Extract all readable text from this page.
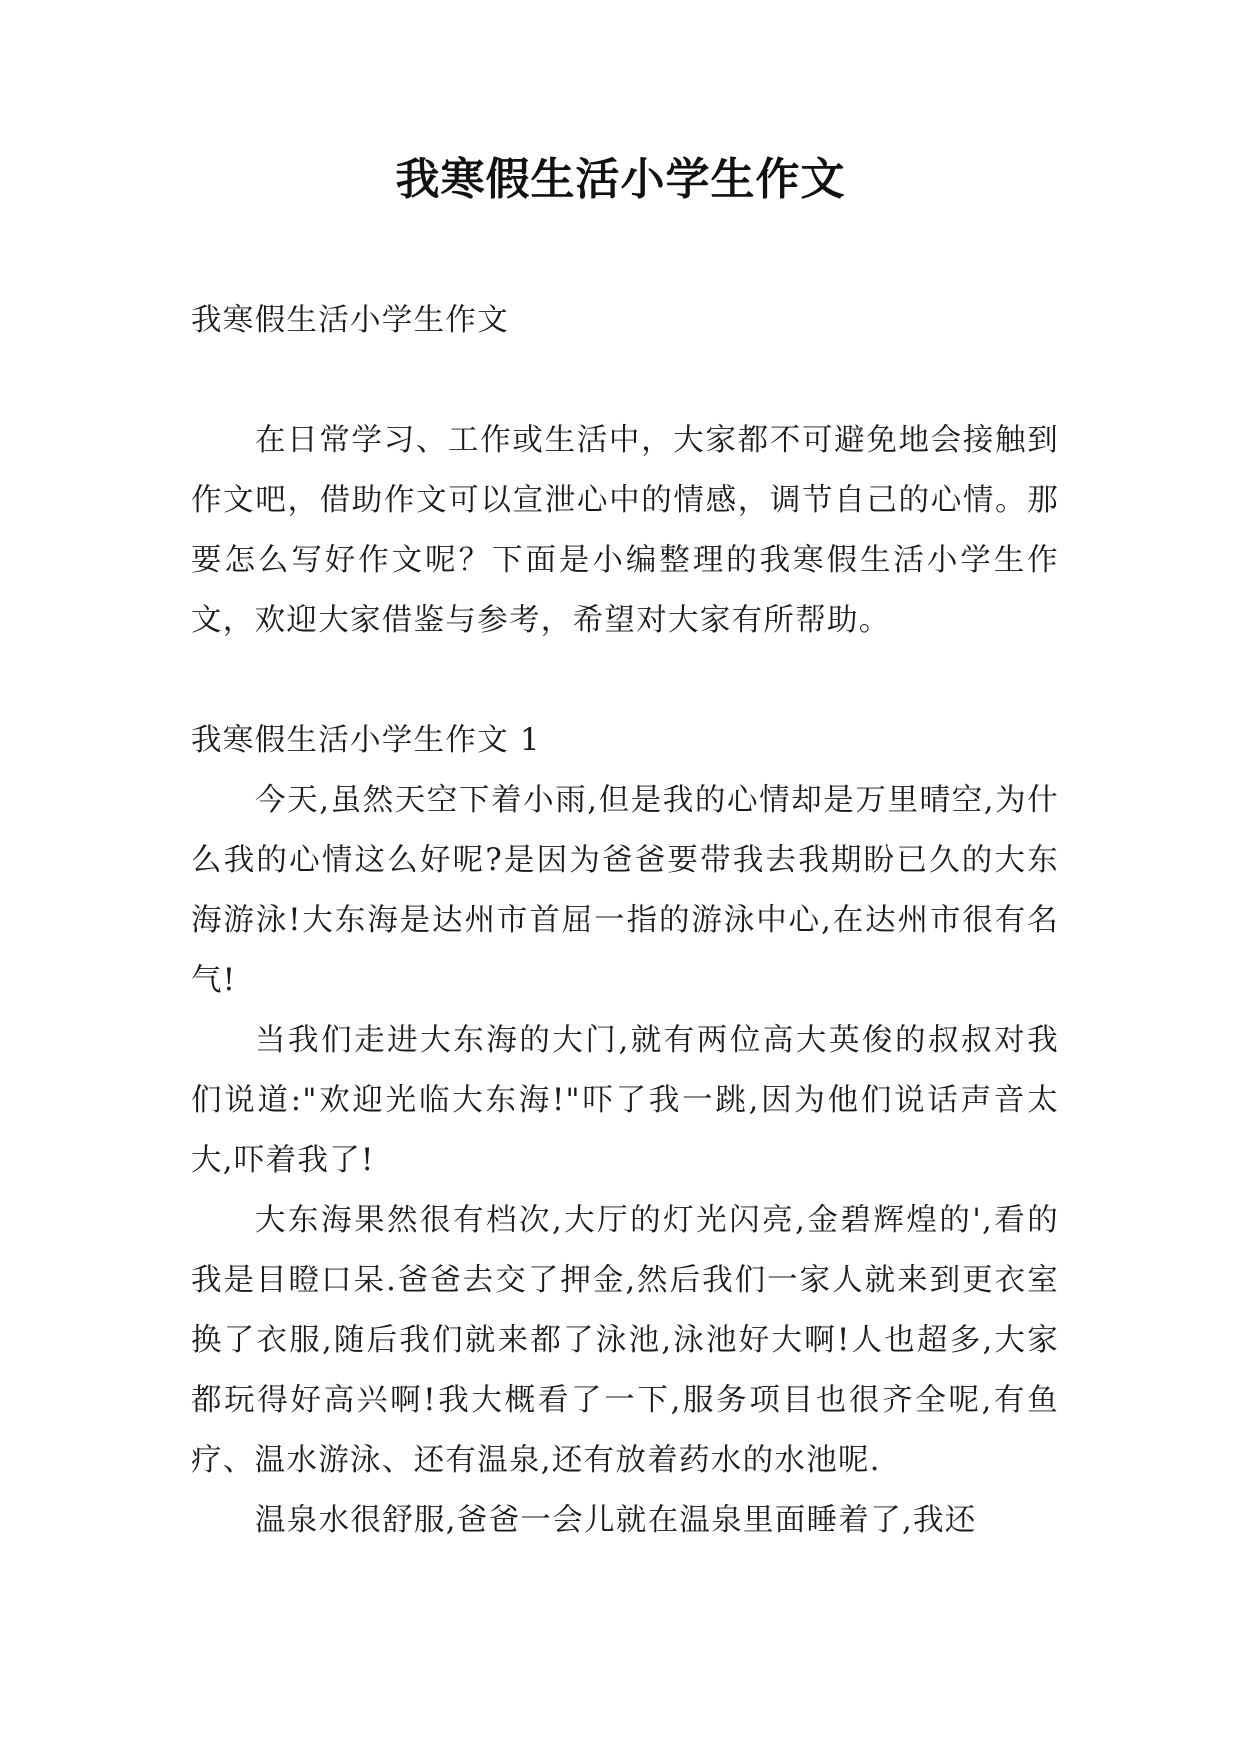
我寒假生活小学生作文

我寒假生活小学生作文

在日常学习、工作或生活中，大家都不可避免地会接触到作文吧，借助作文可以宣泄心中的情感，调节自己的心情。那要怎么写好作文呢？下面是小编整理的我寒假生活小学生作文，欢迎大家借鉴与参考，希望对大家有所帮助。

我寒假生活小学生作文 1

今天,虽然天空下着小雨,但是我的心情却是万里晴空,为什么我的心情这么好呢?是因为爸爸要带我去我期盼已久的大东海游泳!大东海是达州市首屈一指的游泳中心,在达州市很有名气!

当我们走进大东海的大门,就有两位高大英俊的叔叔对我们说道:"欢迎光临大东海!"吓了我一跳,因为他们说话声音太大,吓着我了!

大东海果然很有档次,大厅的灯光闪亮,金碧辉煌的',看的我是目瞪口呆.爸爸去交了押金,然后我们一家人就来到更衣室换了衣服,随后我们就来都了泳池,泳池好大啊!人也超多,大家都玩得好高兴啊!我大概看了一下,服务项目也很齐全呢,有鱼疗、温水游泳、还有温泉,还有放着药水的水池呢.

温泉水很舒服,爸爸一会儿就在温泉里面睡着了,我还
